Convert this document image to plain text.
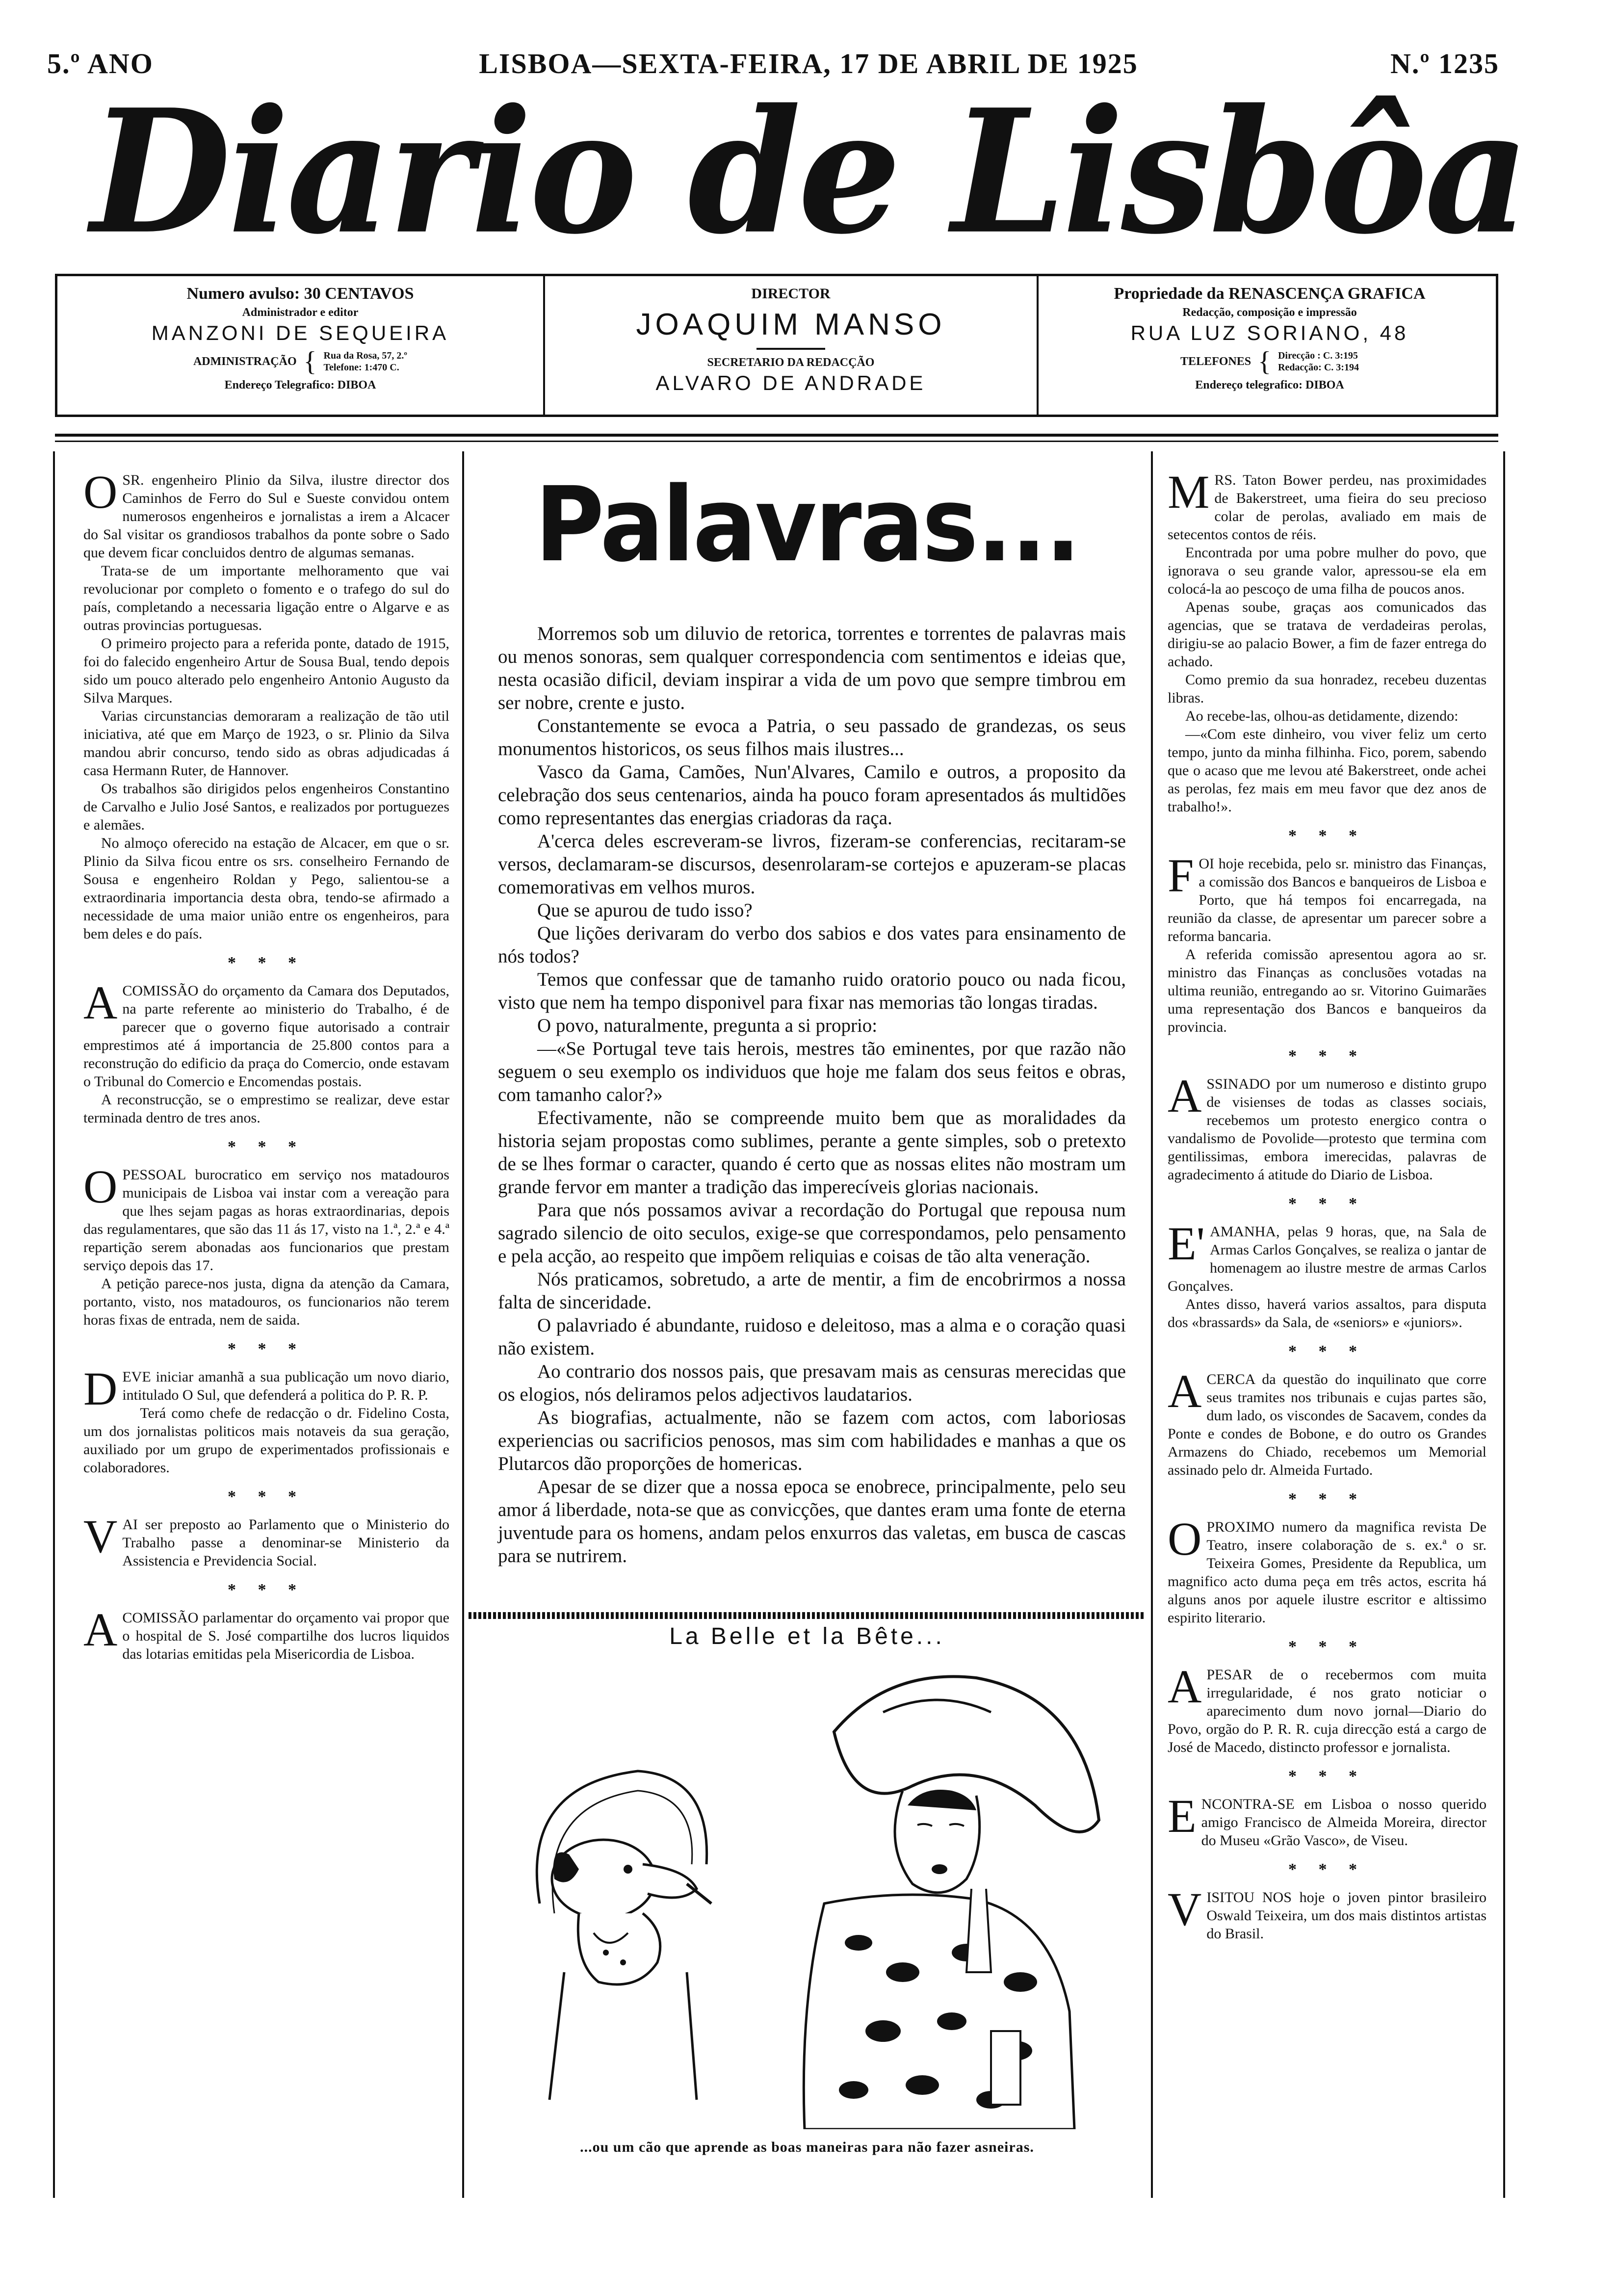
5.º ANO	LISBOA—SEXTA-FEIRA, 17 DE ABRIL DE 1925	N.º 1235
Diario de Lisbôa
Numero avulso: 30 CENTAVOS
Administrador e editor
MANZONI DE SEQUEIRA
ADMINISTRAÇÃO { Rua da Rosa, 57, 2.º
Telefone: 1:470 C.
Endereço Telegrafico: DIBOA
DIRECTOR
JOAQUIM MANSO
SECRETARIO DA REDACÇÃO
ALVARO DE ANDRADE
Propriedade da RENASCENÇA GRAFICA
Redacção, composição e impressão
RUA LUZ SORIANO, 48
TELEFONES { Direcção : C. 3:195
Redacção: C. 3:194
Endereço telegrafico: DIBOA

OSR. engenheiro Plinio da Silva, ilustre director dos Caminhos de Ferro do Sul e Sueste convidou ontem numerosos engenheiros e jornalistas a irem a Alcacer do Sal visitar os grandiosos trabalhos da ponte sobre o Sado que devem ficar concluidos dentro de algumas semanas.

Trata-se de um importante melhoramento que vai revolucionar por completo o fomento e o trafego do sul do país, completando a necessaria ligação entre o Algarve e as outras provincias portuguesas.

O primeiro projecto para a referida ponte, datado de 1915, foi do falecido engenheiro Artur de Sousa Bual, tendo depois sido um pouco alterado pelo engenheiro Antonio Augusto da Silva Marques.

Varias circunstancias demoraram a realização de tão util iniciativa, até que em Março de 1923, o sr. Plinio da Silva mandou abrir concurso, tendo sido as obras adjudicadas á casa Hermann Ruter, de Hannover.

Os trabalhos são dirigidos pelos engenheiros Constantino de Carvalho e Julio José Santos, e realizados por portuguezes e alemães.

No almoço oferecido na estação de Alcacer, em que o sr. Plinio da Silva ficou entre os srs. conselheiro Fernando de Sousa e engenheiro Roldan y Pego, salientou-se a extraordinaria importancia desta obra, tendo-se afirmado a necessidade de uma maior união entre os engenheiros, para bem deles e do país.

* * *

ACOMISSÃO do orçamento da Camara dos Deputados, na parte referente ao ministerio do Trabalho, é de parecer que o governo fique autorisado a contrair emprestimos até á importancia de 25.800 contos para a reconstrução do edificio da praça do Comercio, onde estavam o Tribunal do Comercio e Encomendas postais.

A reconstrucção, se o emprestimo se realizar, deve estar terminada dentro de tres anos.

* * *

OPESSOAL burocratico em serviço nos matadouros municipais de Lisboa vai instar com a vereação para que lhes sejam pagas as horas extraordinarias, depois das regulamentares, que são das 11 ás 17, visto na 1.ª, 2.ª e 4.ª repartição serem abonadas aos funcionarios que prestam serviço depois das 17.

A petição parece-nos justa, digna da atenção da Camara, portanto, visto, nos matadouros, os funcionarios não terem horas fixas de entrada, nem de saida.

* * *

DEVE iniciar amanhã a sua publicação um novo diario, intitulado O Sul, que defenderá a politica do P. R. P.

Terá como chefe de redacção o dr. Fidelino Costa, um dos jornalistas politicos mais notaveis da sua geração, auxiliado por um grupo de experimentados profissionais e colaboradores.

* * *

VAI ser preposto ao Parlamento que o Ministerio do Trabalho passe a denominar-se Ministerio da Assistencia e Previdencia Social.

* * *

ACOMISSÃO parlamentar do orçamento vai propor que o hospital de S. José compartilhe dos lucros liquidos das lotarias emitidas pela Misericordia de Lisboa.

Palavras...

Morremos sob um diluvio de retorica, torrentes e torrentes de palavras mais ou menos sonoras, sem qualquer correspondencia com sentimentos e ideias que, nesta ocasião dificil, deviam inspirar a vida de um povo que sempre timbrou em ser nobre, crente e justo.

Constantemente se evoca a Patria, o seu passado de grandezas, os seus monumentos historicos, os seus filhos mais ilustres...

Vasco da Gama, Camões, Nun'Alvares, Camilo e outros, a proposito da celebração dos seus centenarios, ainda ha pouco foram apresentados ás multidões como representantes das energias criadoras da raça.

A'cerca deles escreveram-se livros, fizeram-se conferencias, recitaram-se versos, declamaram-se discursos, desenrolaram-se cortejos e apuzeram-se placas comemorativas em velhos muros.

Que se apurou de tudo isso?

Que lições derivaram do verbo dos sabios e dos vates para ensinamento de nós todos?

Temos que confessar que de tamanho ruido oratorio pouco ou nada ficou, visto que nem ha tempo disponivel para fixar nas memorias tão longas tiradas.

O povo, naturalmente, pregunta a si proprio:

—«Se Portugal teve tais herois, mestres tão eminentes, por que razão não seguem o seu exemplo os individuos que hoje me falam dos seus feitos e obras, com tamanho calor?»

Efectivamente, não se compreende muito bem que as moralidades da historia sejam propostas como sublimes, perante a gente simples, sob o pretexto de se lhes formar o caracter, quando é certo que as nossas elites não mostram um grande fervor em manter a tradição das imperecíveis glorias nacionais.

Para que nós possamos avivar a recordação do Portugal que repousa num sagrado silencio de oito seculos, exige-se que correspondamos, pelo pensamento e pela acção, ao respeito que impõem reliquias e coisas de tão alta veneração.

Nós praticamos, sobretudo, a arte de mentir, a fim de encobrirmos a nossa falta de sinceridade.

O palavriado é abundante, ruidoso e deleitoso, mas a alma e o coração quasi não existem.

Ao contrario dos nossos pais, que presavam mais as censuras merecidas que os elogios, nós deliramos pelos adjectivos laudatarios.

As biografias, actualmente, não se fazem com actos, com laboriosas experiencias ou sacrificios penosos, mas sim com habilidades e manhas a que os Plutarcos dão proporções de homericas.

Apesar de se dizer que a nossa epoca se enobrece, principalmente, pelo seu amor á liberdade, nota-se que as convicções, que dantes eram uma fonte de eterna juventude para os homens, andam pelos enxurros das valetas, em busca de cascas para se nutrirem.

La Belle et la Bête...
...ou um cão que aprende as boas maneiras para não fazer asneiras.

MRS. Taton Bower perdeu, nas proximidades de Bakerstreet, uma fieira do seu precioso colar de perolas, avaliado em mais de setecentos contos de réis.

Encontrada por uma pobre mulher do povo, que ignorava o seu grande valor, apressou-se ela em colocá-la ao pescoço de uma filha de poucos anos.

Apenas soube, graças aos comunicados das agencias, que se tratava de verdadeiras perolas, dirigiu-se ao palacio Bower, a fim de fazer entrega do achado.

Como premio da sua honradez, recebeu duzentas libras.

Ao recebe-las, olhou-as detidamente, dizendo:

—«Com este dinheiro, vou viver feliz um certo tempo, junto da minha filhinha. Fico, porem, sabendo que o acaso que me levou até Bakerstreet, onde achei as perolas, fez mais em meu favor que dez anos de trabalho!».

* * *

FOI hoje recebida, pelo sr. ministro das Finanças, a comissão dos Bancos e banqueiros de Lisboa e Porto, que há tempos foi encarregada, na reunião da classe, de apresentar um parecer sobre a reforma bancaria.

A referida comissão apresentou agora ao sr. ministro das Finanças as conclusões votadas na ultima reunião, entregando ao sr. Vitorino Guimarães uma representação dos Bancos e banqueiros da provincia.

* * *

ASSINADO por um numeroso e distinto grupo de visienses de todas as classes sociais, recebemos um protesto energico contra o vandalismo de Povolide—protesto que termina com gentilissimas, embora imerecidas, palavras de agradecimento á atitude do Diario de Lisboa.

* * *

E' AMANHA, pelas 9 horas, que, na Sala de Armas Carlos Gonçalves, se realiza o jantar de homenagem ao ilustre mestre de armas Carlos Gonçalves.

Antes disso, haverá varios assaltos, para disputa dos «brassards» da Sala, de «seniors» e «juniors».

* * *

ACERCA da questão do inquilinato que corre seus tramites nos tribunais e cujas partes são, dum lado, os viscondes de Sacavem, condes da Ponte e condes de Bobone, e do outro os Grandes Armazens do Chiado, recebemos um Memorial assinado pelo dr. Almeida Furtado.

* * *

OPROXIMO numero da magnifica revista De Teatro, insere colaboração de s. ex.ª o sr. Teixeira Gomes, Presidente da Republica, um magnifico acto duma peça em três actos, escrita há alguns anos por aquele ilustre escritor e altissimo espirito literario.

* * *

APESAR de o recebermos com muita irregularidade, é nos grato noticiar o aparecimento dum novo jornal—Diario do Povo, orgão do P. R. R. cuja direcção está a cargo de José de Macedo, distincto professor e jornalista.

* * *

ENCONTRA-SE em Lisboa o nosso querido amigo Francisco de Almeida Moreira, director do Museu «Grão Vasco», de Viseu.

* * *

VISITOU NOS hoje o joven pintor brasileiro Oswald Teixeira, um dos mais distintos artistas do Brasil.
